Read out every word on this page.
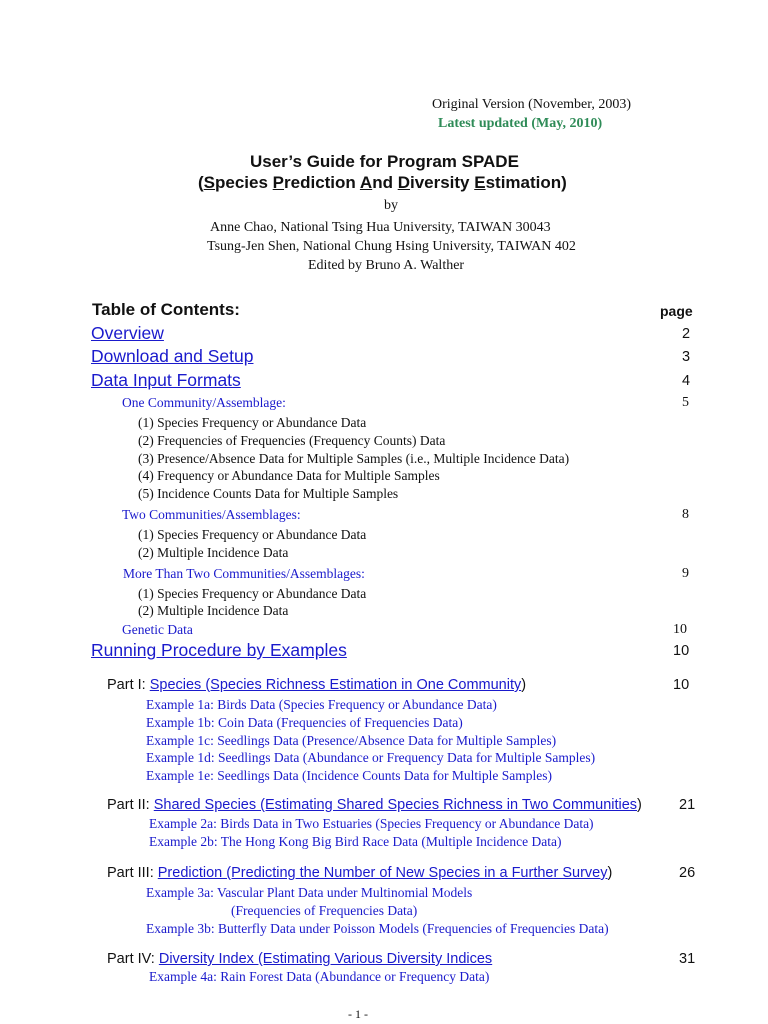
Original Version (November, 2003)
Latest updated (May, 2010)
User’s Guide for Program SPADE
(Species Prediction And Diversity Estimation)
by
Anne Chao, National Tsing Hua University, TAIWAN 30043
Tsung-Jen Shen, National Chung Hsing University, TAIWAN 402
Edited by Bruno A. Walther
Table of Contents:	page
Overview	2
Download and Setup	3
Data Input Formats	4
One Community/Assemblage:	5
(1) Species Frequency or Abundance Data
(2) Frequencies of Frequencies (Frequency Counts) Data
(3) Presence/Absence Data for Multiple Samples (i.e., Multiple Incidence Data)
(4) Frequency or Abundance Data for Multiple Samples
(5) Incidence Counts Data for Multiple Samples
Two Communities/Assemblages:	8
(1) Species Frequency or Abundance Data
(2) Multiple Incidence Data
More Than Two Communities/Assemblages:	9
(1) Species Frequency or Abundance Data
(2) Multiple Incidence Data
Genetic Data	10
Running Procedure by Examples	10
Part I: Species (Species Richness Estimation in One Community)	10
Example 1a: Birds Data (Species Frequency or Abundance Data)
Example 1b: Coin Data (Frequencies of Frequencies Data)
Example 1c: Seedlings Data (Presence/Absence Data for Multiple Samples)
Example 1d: Seedlings Data (Abundance or Frequency Data for Multiple Samples)
Example 1e: Seedlings Data (Incidence Counts Data for Multiple Samples)
Part II: Shared Species (Estimating Shared Species Richness in Two Communities)	21
Example 2a: Birds Data in Two Estuaries (Species Frequency or Abundance Data)
Example 2b: The Hong Kong Big Bird Race Data (Multiple Incidence Data)
Part III: Prediction (Predicting the Number of New Species in a Further Survey)	26
Example 3a: Vascular Plant Data under Multinomial Models
(Frequencies of Frequencies Data)
Example 3b: Butterfly Data under Poisson Models (Frequencies of Frequencies Data)
Part IV: Diversity Index (Estimating Various Diversity Indices	31
Example 4a: Rain Forest Data (Abundance or Frequency Data)
- 1 -
